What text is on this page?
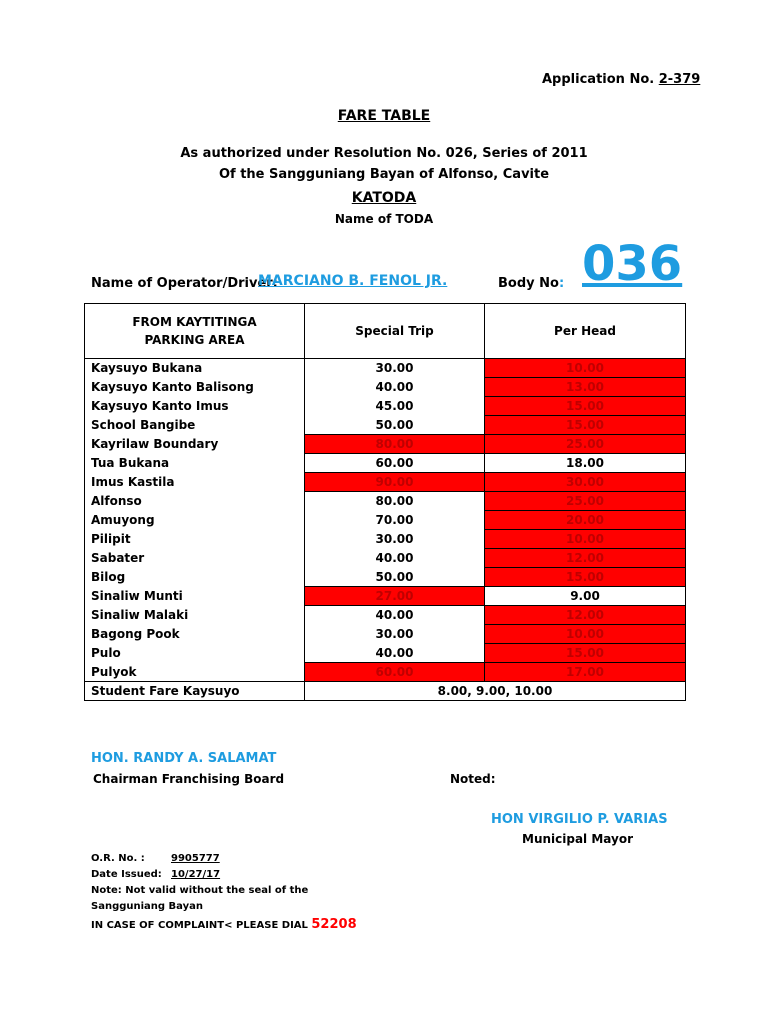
Application No. 2-379
FARE TABLE
As authorized under Resolution No. 026, Series of 2011
Of the Sangguniang Bayan of Alfonso, Cavite
KATODA
Name of TODA
Name of Operator/Driver:
MARCIANO B. FENOL JR.	Body No: 036
FROM KAYTITINGA PARKING AREA	Special Trip	Per Head
Kaysuyo Bukana	30.00	10.00
Kaysuyo Kanto Balisong	40.00	13.00
Kaysuyo Kanto Imus	45.00	15.00
School Bangibe	50.00	15.00
Kayrilaw Boundary	80.00	25.00
Tua Bukana	60.00	18.00
Imus Kastila	90.00	30.00
Alfonso	80.00	25.00
Amuyong	70.00	20.00
Pilipit	30.00	10.00
Sabater	40.00	12.00
Bilog	50.00	15.00
Sinaliw Munti	27.00	9.00
Sinaliw Malaki	40.00	12.00
Bagong Pook	30.00	10.00
Pulo	40.00	15.00
Pulyok	60.00	17.00
Student Fare Kaysuyo	8.00, 9.00, 10.00	
HON. RANDY A. SALAMAT
Chairman Franchising Board	Noted:
HON VIRGILIO P. VARIAS
Municipal Mayor
O.R. No. :	9905777
Date Issued: 10/27/17
Note: Not valid without the seal of the
Sangguniang Bayan
IN CASE OF COMPLAINT< PLEASE DIAL 52208
